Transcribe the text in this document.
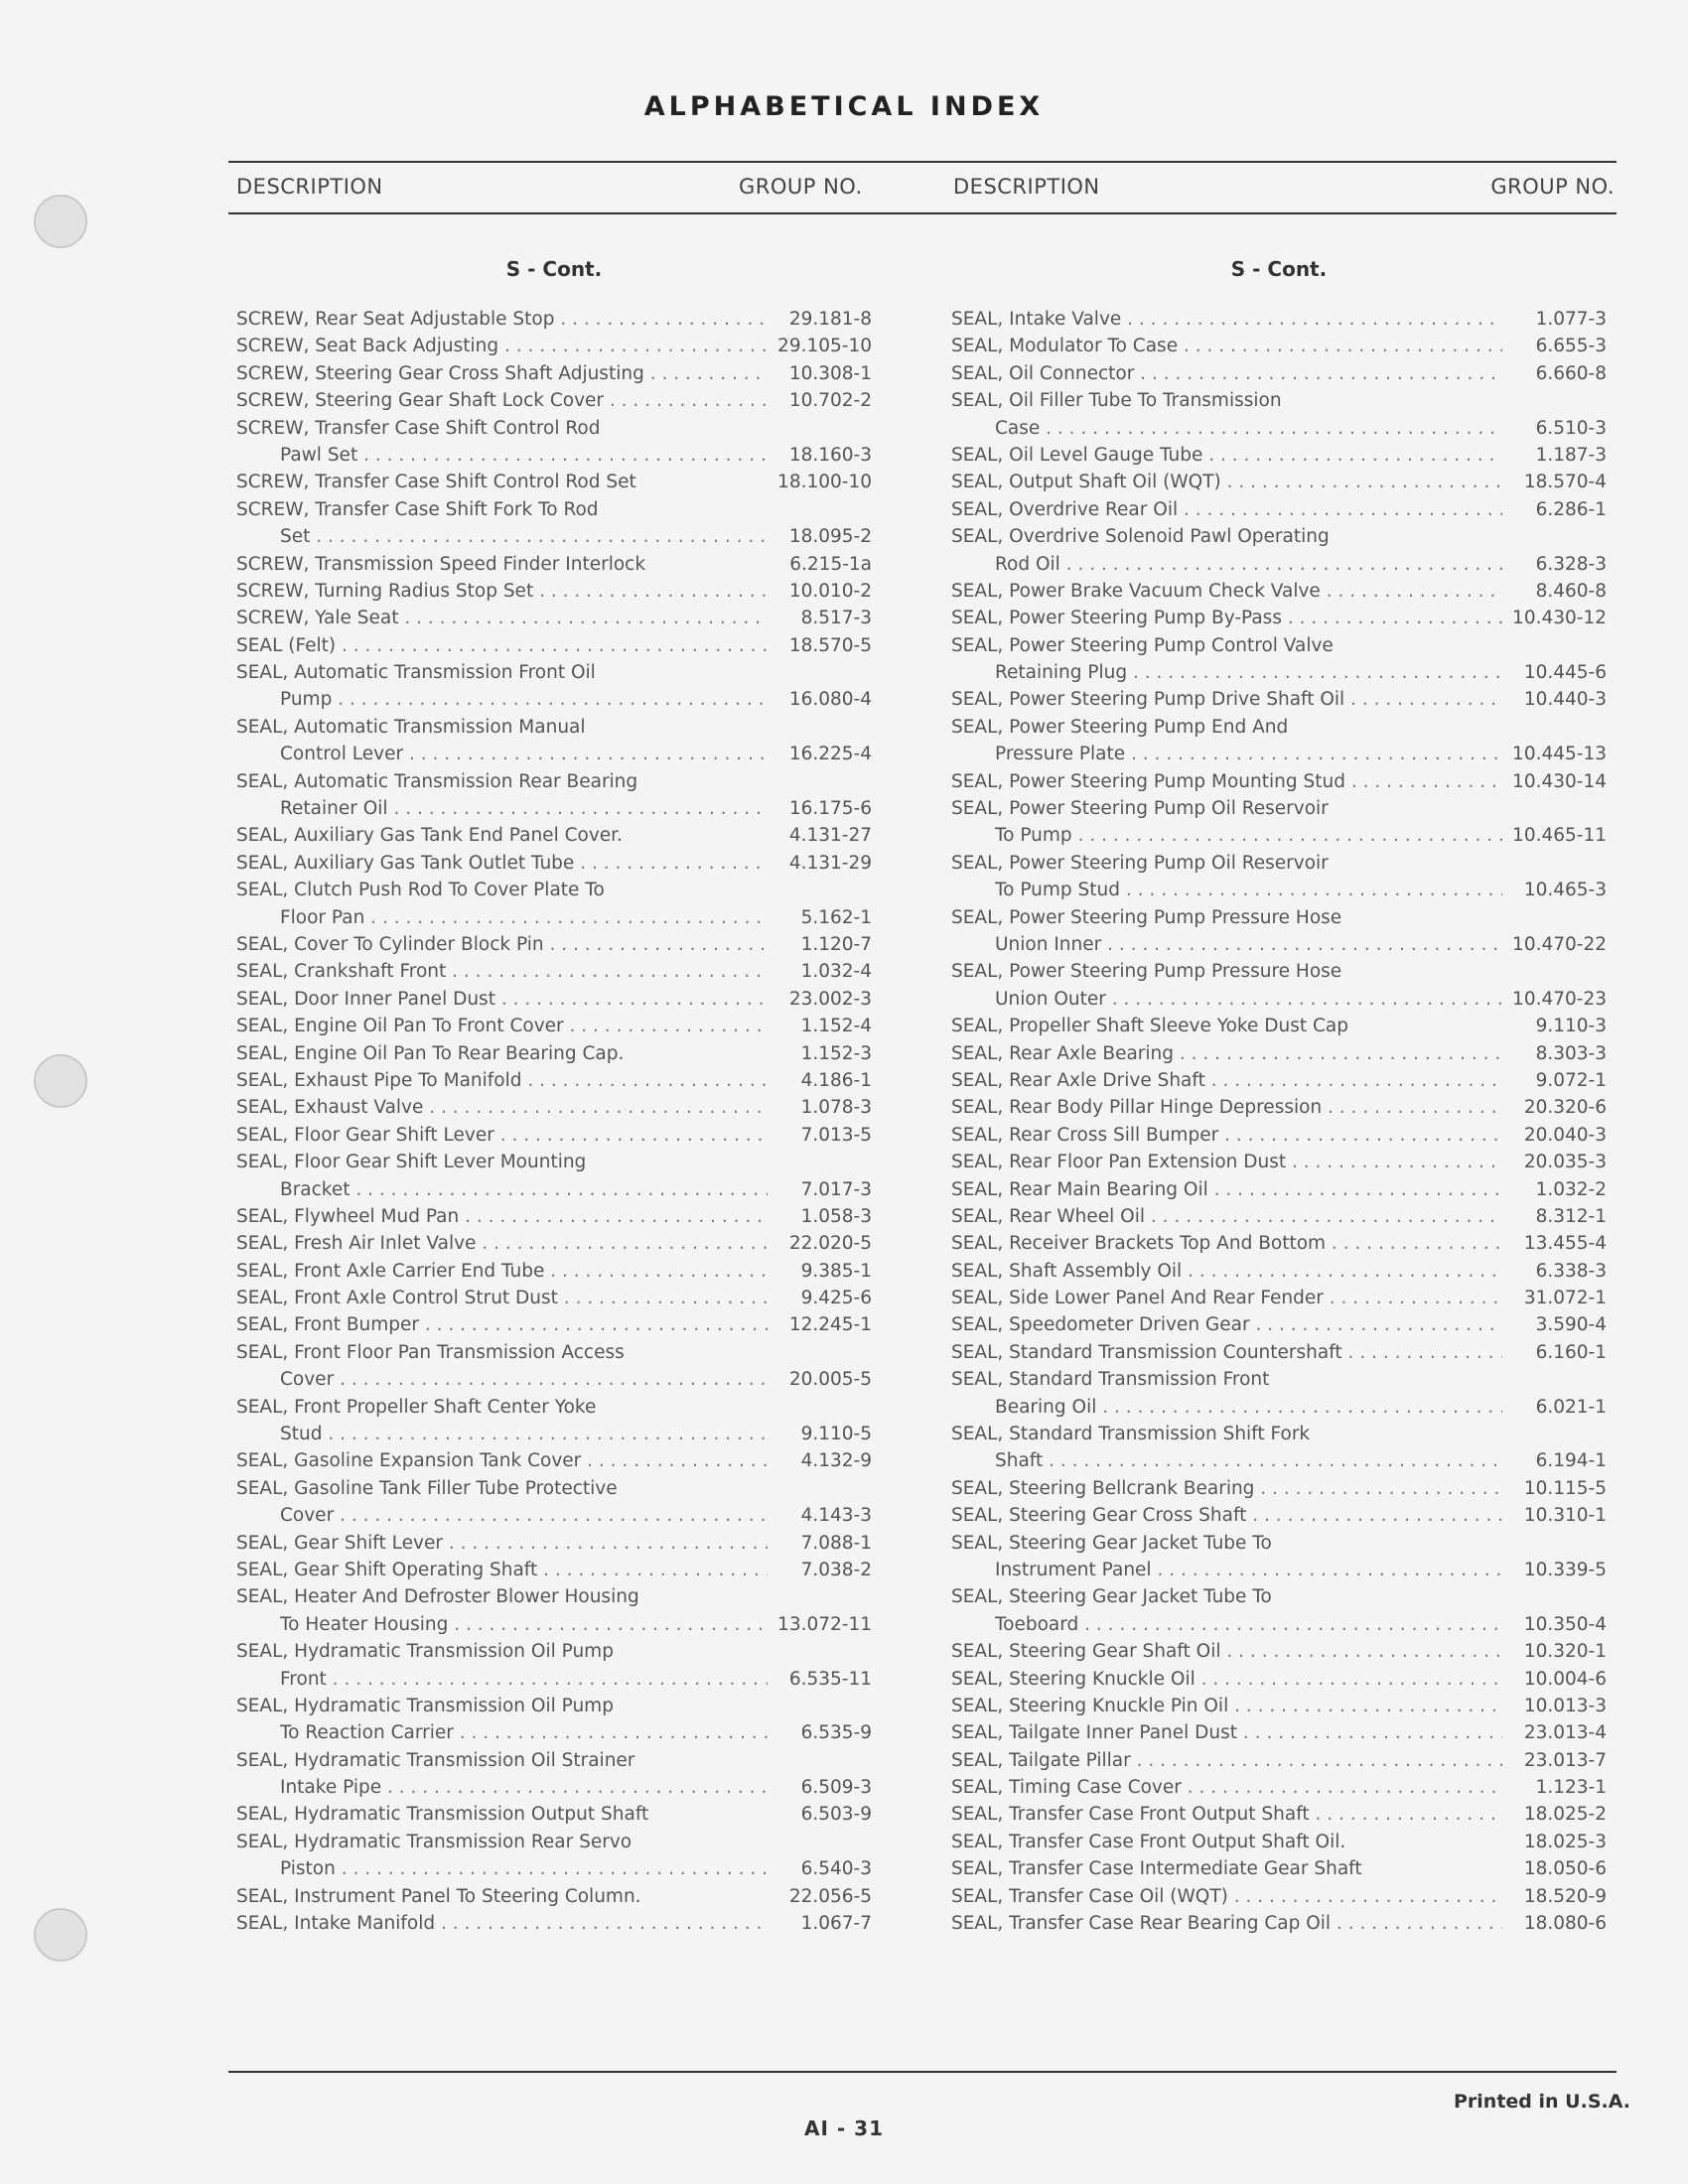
ALPHABETICAL INDEX
DESCRIPTION	GROUP NO.	DESCRIPTION	GROUP NO.
S - Cont.
SCREW, Rear Seat Adjustable Stop . . .	29.181-8
SCREW, Seat Back Adjusting . . .	29.105-10
SCREW, Steering Gear Cross Shaft Adjusting . . .	10.308-1
SCREW, Steering Gear Shaft Lock Cover . . .	10.702-2
SCREW, Transfer Case Shift Control Rod
Pawl Set . . .	18.160-3
SCREW, Transfer Case Shift Control Rod Set	18.100-10
SCREW, Transfer Case Shift Fork To Rod
Set . . .	18.095-2
SCREW, Transmission Speed Finder Interlock	6.215-1a
SCREW, Turning Radius Stop Set . . .	10.010-2
SCREW, Yale Seat . . .	8.517-3
SEAL (Felt) . . .	18.570-5
SEAL, Automatic Transmission Front Oil
Pump . . .	16.080-4
SEAL, Automatic Transmission Manual
Control Lever . . .	16.225-4
SEAL, Automatic Transmission Rear Bearing
Retainer Oil . . .	16.175-6
SEAL, Auxiliary Gas Tank End Panel Cover.	4.131-27
SEAL, Auxiliary Gas Tank Outlet Tube . . .	4.131-29
SEAL, Clutch Push Rod To Cover Plate To
Floor Pan . . .	5.162-1
SEAL, Cover To Cylinder Block Pin . . .	1.120-7
SEAL, Crankshaft Front . . .	1.032-4
SEAL, Door Inner Panel Dust . . .	23.002-3
SEAL, Engine Oil Pan To Front Cover . . .	1.152-4
SEAL, Engine Oil Pan To Rear Bearing Cap.	1.152-3
SEAL, Exhaust Pipe To Manifold . . .	4.186-1
SEAL, Exhaust Valve . . .	1.078-3
SEAL, Floor Gear Shift Lever . . .	7.013-5
SEAL, Floor Gear Shift Lever Mounting
Bracket . . .	7.017-3
SEAL, Flywheel Mud Pan . . .	1.058-3
SEAL, Fresh Air Inlet Valve . . .	22.020-5
SEAL, Front Axle Carrier End Tube . . .	9.385-1
SEAL, Front Axle Control Strut Dust . . .	9.425-6
SEAL, Front Bumper . . .	12.245-1
SEAL, Front Floor Pan Transmission Access
Cover . . .	20.005-5
SEAL, Front Propeller Shaft Center Yoke
Stud . . .	9.110-5
SEAL, Gasoline Expansion Tank Cover . . .	4.132-9
SEAL, Gasoline Tank Filler Tube Protective
Cover . . .	4.143-3
SEAL, Gear Shift Lever . . .	7.088-1
SEAL, Gear Shift Operating Shaft . . .	7.038-2
SEAL, Heater And Defroster Blower Housing
To Heater Housing . . .	13.072-11
SEAL, Hydramatic Transmission Oil Pump
Front . . .	6.535-11
SEAL, Hydramatic Transmission Oil Pump
To Reaction Carrier . . .	6.535-9
SEAL, Hydramatic Transmission Oil Strainer
Intake Pipe . . .	6.509-3
SEAL, Hydramatic Transmission Output Shaft	6.503-9
SEAL, Hydramatic Transmission Rear Servo
Piston . . .	6.540-3
SEAL, Instrument Panel To Steering Column.	22.056-5
SEAL, Intake Manifold . . .	1.067-7
S - Cont.
SEAL, Intake Valve . . .	1.077-3
SEAL, Modulator To Case . . .	6.655-3
SEAL, Oil Connector . . .	6.660-8
SEAL, Oil Filler Tube To Transmission
Case . . .	6.510-3
SEAL, Oil Level Gauge Tube . . .	1.187-3
SEAL, Output Shaft Oil (WQT) . . .	18.570-4
SEAL, Overdrive Rear Oil . . .	6.286-1
SEAL, Overdrive Solenoid Pawl Operating
Rod Oil . . .	6.328-3
SEAL, Power Brake Vacuum Check Valve . . .	8.460-8
SEAL, Power Steering Pump By-Pass . . .	10.430-12
SEAL, Power Steering Pump Control Valve
Retaining Plug . . .	10.445-6
SEAL, Power Steering Pump Drive Shaft Oil . . .	10.440-3
SEAL, Power Steering Pump End And
Pressure Plate . . .	10.445-13
SEAL, Power Steering Pump Mounting Stud . . .	10.430-14
SEAL, Power Steering Pump Oil Reservoir
To Pump . . .	10.465-11
SEAL, Power Steering Pump Oil Reservoir
To Pump Stud . . .	10.465-3
SEAL, Power Steering Pump Pressure Hose
Union Inner . . .	10.470-22
SEAL, Power Steering Pump Pressure Hose
Union Outer . . .	10.470-23
SEAL, Propeller Shaft Sleeve Yoke Dust Cap	9.110-3
SEAL, Rear Axle Bearing . . .	8.303-3
SEAL, Rear Axle Drive Shaft . . .	9.072-1
SEAL, Rear Body Pillar Hinge Depression . . .	20.320-6
SEAL, Rear Cross Sill Bumper . . .	20.040-3
SEAL, Rear Floor Pan Extension Dust . . .	20.035-3
SEAL, Rear Main Bearing Oil . . .	1.032-2
SEAL, Rear Wheel Oil . . .	8.312-1
SEAL, Receiver Brackets Top And Bottom . . .	13.455-4
SEAL, Shaft Assembly Oil . . .	6.338-3
SEAL, Side Lower Panel And Rear Fender . . .	31.072-1
SEAL, Speedometer Driven Gear . . .	3.590-4
SEAL, Standard Transmission Countershaft . . .	6.160-1
SEAL, Standard Transmission Front
Bearing Oil . . .	6.021-1
SEAL, Standard Transmission Shift Fork
Shaft . . .	6.194-1
SEAL, Steering Bellcrank Bearing . . .	10.115-5
SEAL, Steering Gear Cross Shaft . . .	10.310-1
SEAL, Steering Gear Jacket Tube To
Instrument Panel . . .	10.339-5
SEAL, Steering Gear Jacket Tube To
Toeboard . . .	10.350-4
SEAL, Steering Gear Shaft Oil . . .	10.320-1
SEAL, Steering Knuckle Oil . . .	10.004-6
SEAL, Steering Knuckle Pin Oil . . .	10.013-3
SEAL, Tailgate Inner Panel Dust . . .	23.013-4
SEAL, Tailgate Pillar . . .	23.013-7
SEAL, Timing Case Cover . . .	1.123-1
SEAL, Transfer Case Front Output Shaft . . .	18.025-2
SEAL, Transfer Case Front Output Shaft Oil.	18.025-3
SEAL, Transfer Case Intermediate Gear Shaft	18.050-6
SEAL, Transfer Case Oil (WQT) . . .	18.520-9
SEAL, Transfer Case Rear Bearing Cap Oil . . .	18.080-6
Printed in U.S.A.
AI - 31
